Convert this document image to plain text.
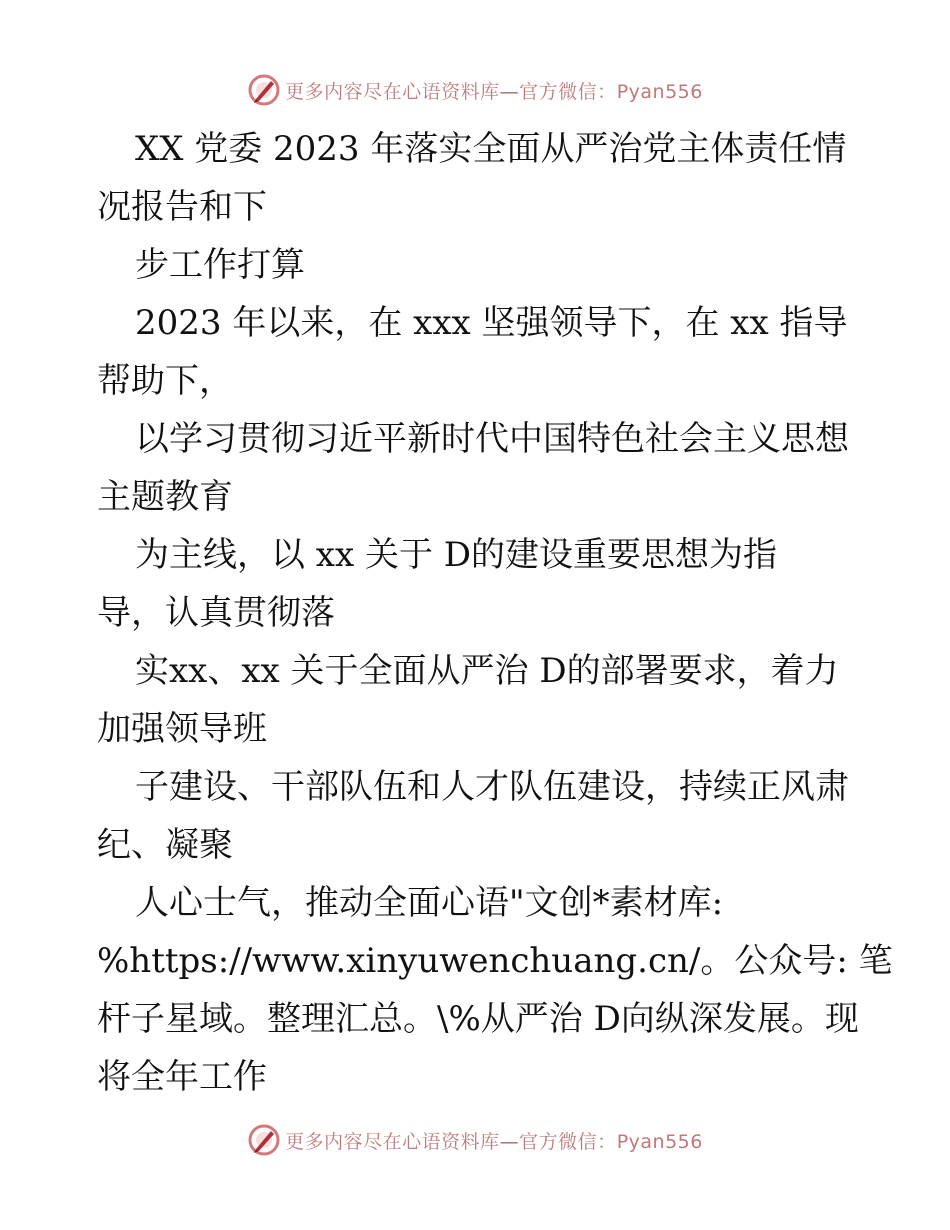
更多内容尽在心语资料库—官方微信：Pyan556
XX 党委 2023 年落实全面从严治党主体责任情
况报告和下
步工作打算
2023 年以来，在 xxx 坚强领导下，在 xx 指导
帮助下，
以学习贯彻习近平新时代中国特色社会主义思想
主题教育
为主线，以 xx 关于 D的建设重要思想为指
导，认真贯彻落
实xx、xx 关于全面从严治 D的部署要求，着力
加强领导班
子建设、干部队伍和人才队伍建设，持续正风肃
纪、凝聚
人心士气，推动全面心语"文创*素材库:
%https://www.xinyuwenchuang.cn/。公众号: 笔
杆子星域。整理汇总。\%从严治 D向纵深发展。现
将全年工作
更多内容尽在心语资料库—官方微信：Pyan556
